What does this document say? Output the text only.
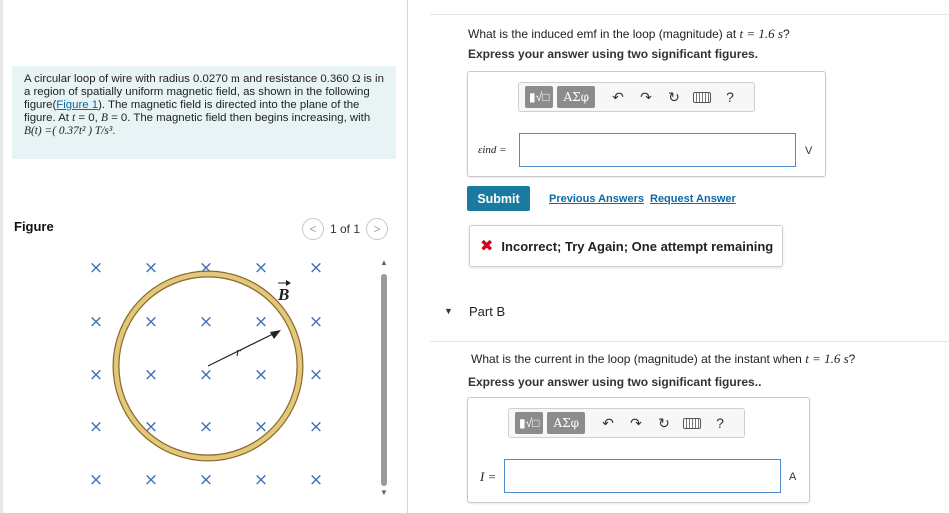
A circular loop of wire with radius 0.0270 m and resistance 0.360 Ω is in a region of spatially uniform magnetic field, as shown in the following figure(Figure 1). The magnetic field is directed into the plane of the figure. At t = 0, B = 0. The magnetic field then begins increasing, with B(t) =( 0.37t² ) T/s³.
Figure	<	1 of 1	>
× × × × ×
× × × × ×
× × × × ×
× × × × ×
× × × × ×
r
B
▲
▼
What is the induced emf in the loop (magnitude) at t = 1.6 s?
Express your answer using two significant figures.
▮√□	ΑΣφ	↶	↷	↻	?
εind =	V
Submit	Previous Answers Request Answer
✖ Incorrect; Try Again; One attempt remaining
▼ Part B
What is the current in the loop (magnitude) at the instant when t = 1.6 s?
Express your answer using two significant figures..
▮√□	ΑΣφ	↶	↷	↻	?
I =	A
